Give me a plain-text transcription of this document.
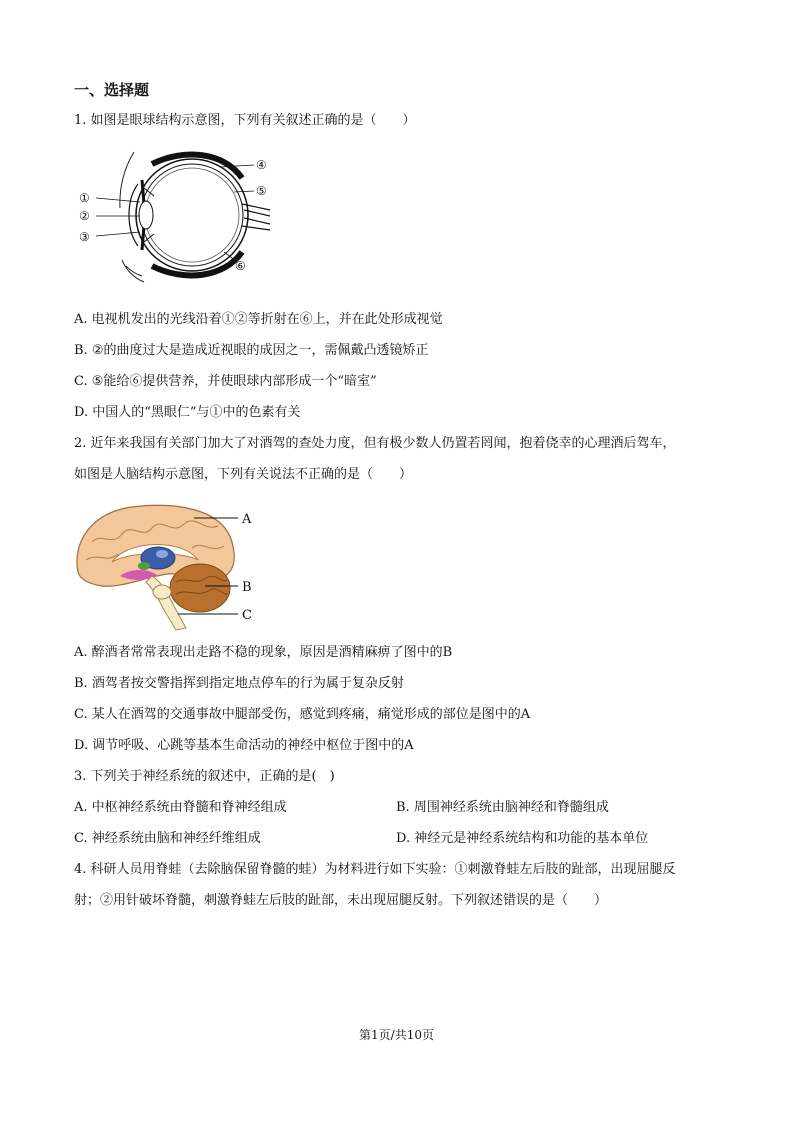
一、选择题
1. 如图是眼球结构示意图，下列有关叙述正确的是（　　）
①
②
③
④
⑤
⑥
A. 电视机发出的光线沿着①②等折射在⑥上，并在此处形成视觉
B. ②的曲度过大是造成近视眼的成因之一，需佩戴凸透镜矫正
C. ⑤能给⑥提供营养，并使眼球内部形成一个“暗室”
D. 中国人的“黑眼仁”与①中的色素有关
2. 近年来我国有关部门加大了对酒驾的查处力度，但有极少数人仍置若罔闻，抱着侥幸的心理酒后驾车，
如图是人脑结构示意图，下列有关说法不正确的是（　　）
A
B
C
A. 醉酒者常常表现出走路不稳的现象，原因是酒精麻痹了图中的B
B. 酒驾者按交警指挥到指定地点停车的行为属于复杂反射
C. 某人在酒驾的交通事故中腿部受伤，感觉到疼痛，痛觉形成的部位是图中的A
D. 调节呼吸、心跳等基本生命活动的神经中枢位于图中的A
3. 下列关于神经系统的叙述中，正确的是(　)
A. 中枢神经系统由脊髓和脊神经组成	B. 周围神经系统由脑神经和脊髓组成
C. 神经系统由脑和神经纤维组成	D. 神经元是神经系统结构和功能的基本单位
4. 科研人员用脊蛙（去除脑保留脊髓的蛙）为材料进行如下实验：①刺激脊蛙左后肢的趾部，出现屈腿反
射；②用针破坏脊髓，刺激脊蛙左后肢的趾部，未出现屈腿反射。下列叙述错误的是（　　）
第1页/共10页
